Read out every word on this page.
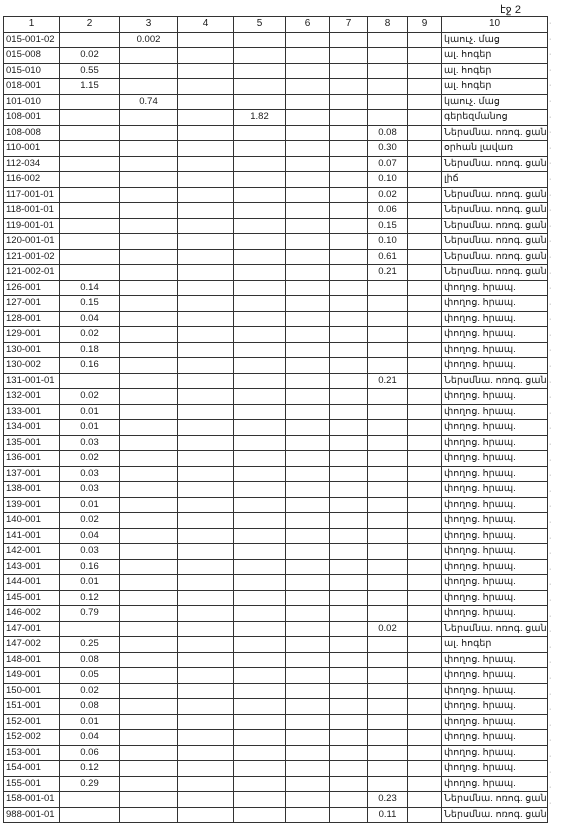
էջ 2
1	2	3	4	5	6	7	8	9	10
015-001-02		0.002							կաուչ. մաց
015-008	0.02								ալ. հոգեր
015-010	0.55								ալ. հոգեր
018-001	1.15								ալ. հոգեր
101-010		0.74							կաուչ. մաց
108-001				1.82					գերեզմանոց
108-008							0.08		Ներսմնա. ոռոգ. ցան
110-001							0.30		օրհան լավառ
112-034							0.07		Ներսմնա. ոռոգ. ցան
116-002							0.10		լիճ
117-001-01							0.02		Ներսմնա. ոռոգ. ցան
118-001-01							0.06		Ներսմնա. ոռոգ. ցան
119-001-01							0.15		Ներսմնա. ոռոգ. ցան
120-001-01							0.10		Ներսմնա. ոռոգ. ցան
121-001-02							0.61		Ներսմնա. ոռոգ. ցան
121-002-01							0.21		Ներսմնա. ոռոգ. ցան
126-001	0.14								փողոց. հրապ.
127-001	0.15								փողոց. հրապ.
128-001	0.04								փողոց. հրապ.
129-001	0.02								փողոց. հրապ.
130-001	0.18								փողոց. հրապ.
130-002	0.16								փողոց. հրապ.
131-001-01							0.21		Ներսմնա. ոռոգ. ցան
132-001	0.02								փողոց. հրապ.
133-001	0.01								փողոց. հրապ.
134-001	0.01								փողոց. հրապ.
135-001	0.03								փողոց. հրապ.
136-001	0.02								փողոց. հրապ.
137-001	0.03								փողոց. հրապ.
138-001	0.03								փողոց. հրապ.
139-001	0.01								փողոց. հրապ.
140-001	0.02								փողոց. հրապ.
141-001	0.04								փողոց. հրապ.
142-001	0.03								փողոց. հրապ.
143-001	0.16								փողոց. հրապ.
144-001	0.01								փողոց. հրապ.
145-001	0.12								փողոց. հրապ.
146-002	0.79								փողոց. հրապ.
147-001							0.02		Ներսմնա. ոռոգ. ցան
147-002	0.25								ալ. հոգեր
148-001	0.08								փողոց. հրապ.
149-001	0.05								փողոց. հրապ.
150-001	0.02								փողոց. հրապ.
151-001	0.08								փողոց. հրապ.
152-001	0.01								փողոց. հրապ.
152-002	0.04								փողոց. հրապ.
153-001	0.06								փողոց. հրապ.
154-001	0.12								փողոց. հրապ.
155-001	0.29								փողոց. հրապ.
158-001-01							0.23		Ներսմնա. ոռոգ. ցան
988-001-01							0.11		Ներսմնա. ոռոգ. ցան
·
·
·
·
·
·
·
·
·
·
·
·
·
·
·
·
·
·
·
·
·
·
·
·
·
·
·
·
·
·
·
·
·
·
·
·
·
·
·
·
·
·
·
·
·
·
·
·
·
·
·
